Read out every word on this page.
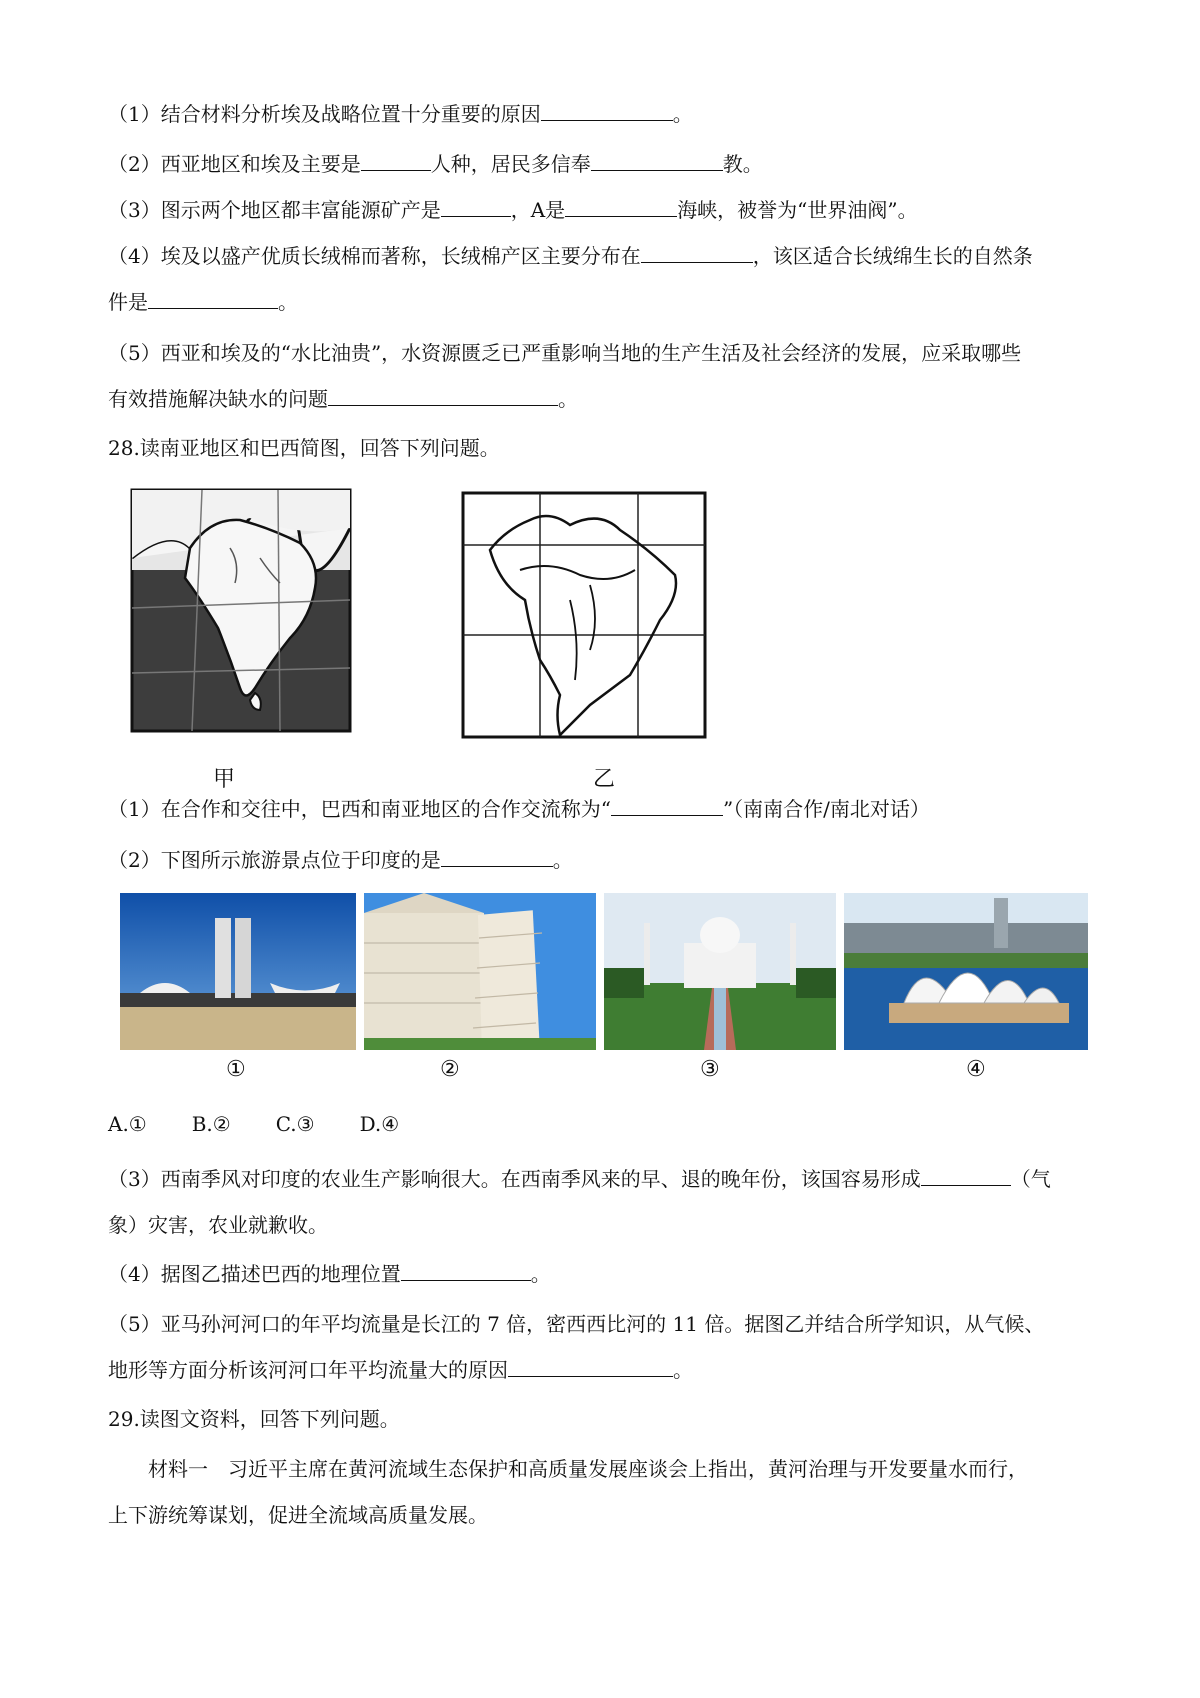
（1）结合材料分析埃及战略位置十分重要的原因	。
（2）西亚地区和埃及主要是	人种，居民多信奉	教。
（3）图示两个地区都丰富能源矿产是	，A是	海峡，被誉为“世界油阀”。
（4）埃及以盛产优质长绒棉而著称，长绒棉产区主要分布在	，该区适合长绒绵生长的自然条
件是	。
（5）西亚和埃及的“水比油贵”，水资源匮乏已严重影响当地的生产生活及社会经济的发展，应采取哪些
有效措施解决缺水的问题	。
28.读南亚地区和巴西简图，回答下列问题。
甲	乙
（1）在合作和交往中，巴西和南亚地区的合作交流称为“	”（南南合作/南北对话）
（2）下图所示旅游景点位于印度的是	。
①	②	③	④
A.① B.② C.③ D.④
（3）西南季风对印度的农业生产影响很大。在西南季风来的早、退的晚年份，该国容易形成	（气
象）灾害，农业就歉收。
（4）据图乙描述巴西的地理位置	。
（5）亚马孙河河口的年平均流量是长江的 7 倍，密西西比河的 11 倍。据图乙并结合所学知识，从气候、
地形等方面分析该河河口年平均流量大的原因	。
29.读图文资料，回答下列问题。
材料一　习近平主席在黄河流域生态保护和高质量发展座谈会上指出，黄河治理与开发要量水而行，
上下游统筹谋划，促进全流域高质量发展。
